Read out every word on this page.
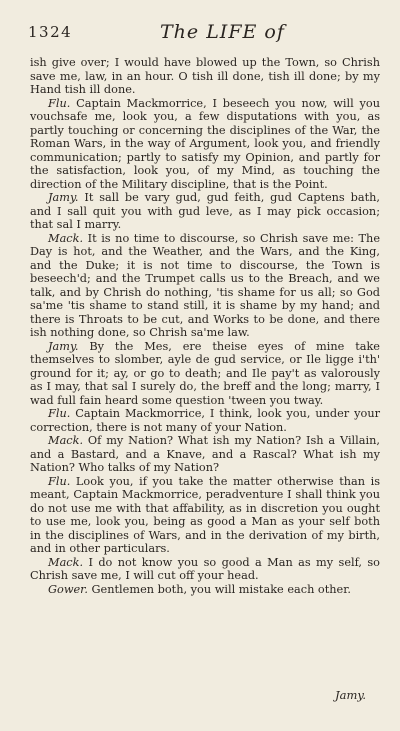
1324	The LIFE of

ish give over; I would have blowed up the Town, so Chrish save me, law, in an hour. O tish ill done, tish ill done; by my Hand tish ill done.

Flu. Captain Mackmorrice, I beseech you now, will you vouchsafe me, look you, a few disputations with you, as partly touching or concerning the disciplines of the War, the Roman Wars, in the way of Argument, look you, and friendly communication; partly to satisfy my Opinion, and partly for the satisfaction, look you, of my Mind, as touching the direction of the Military discipline, that is the Point.

Jamy. It sall be vary gud, gud feith, gud Captens bath, and I sall quit you with gud leve, as I may pick occasion; that sal I marry.

Mack. It is no time to discourse, so Chrish save me: The Day is hot, and the Weather, and the Wars, and the King, and the Duke; it is not time to discourse, the Town is beseech'd; and the Trumpet calls us to the Breach, and we talk, and by Chrish do nothing, 'tis shame for us all; so God sa'me 'tis shame to stand still, it is shame by my hand; and there is Throats to be cut, and Works to be done, and there ish nothing done, so Chrish sa'me law.

Jamy. By the Mes, ere theise eyes of mine take themselves to slomber, ayle de gud service, or Ile ligge i'th' ground for it; ay, or go to death; and Ile pay't as valorously as I may, that sal I surely do, the breff and the long; marry, I wad full fain heard some question 'tween you tway.

Flu. Captain Mackmorrice, I think, look you, under your correction, there is not many of your Nation.

Mack. Of my Nation? What ish my Nation? Ish a Villain, and a Bastard, and a Knave, and a Rascal? What ish my Nation? Who talks of my Nation?

Flu. Look you, if you take the matter otherwise than is meant, Captain Mackmorrice, peradventure I shall think you do not use me with that affability, as in discretion you ought to use me, look you, being as good a Man as your self both in the disciplines of Wars, and in the derivation of my birth, and in other particulars.

Mack. I do not know you so good a Man as my self, so Chrish save me, I will cut off your head.

Gower. Gentlemen both, you will mistake each other.

Jamy.
